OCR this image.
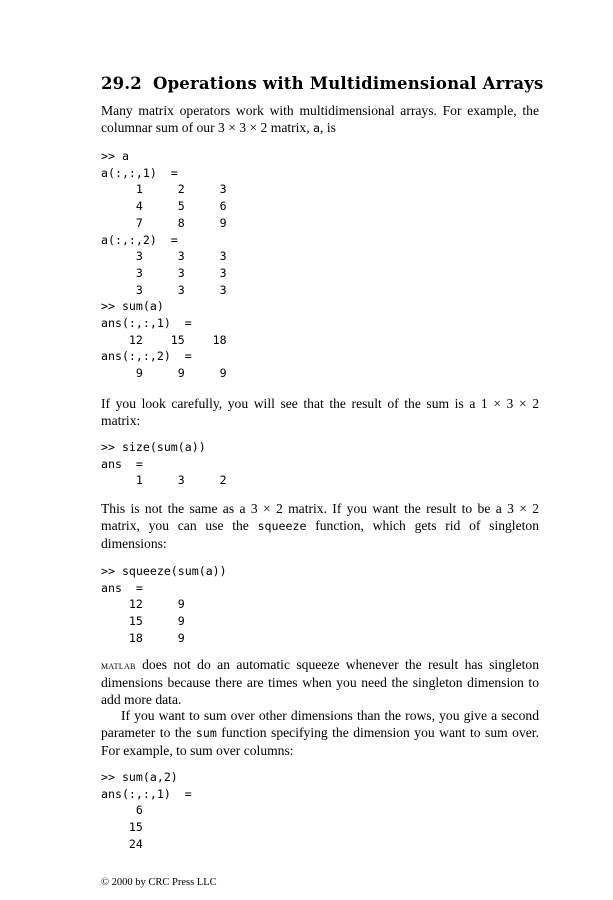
29.2 Operations with Multidimensional Arrays

Many matrix operators work with multidimensional arrays. For example, the columnar sum of our 3 × 3 × 2 matrix, a, is

>> a
a(:,:,1)  =
1     2     3
4     5     6
7     8     9
a(:,:,2)  =
3     3     3
3     3     3
3     3     3
>> sum(a)
ans(:,:,1)  =
12    15    18
ans(:,:,2)  =
9     9     9

If you look carefully, you will see that the result of the sum is a 1 × 3 × 2 matrix:

>> size(sum(a))
ans  =
1     3     2

This is not the same as a 3 × 2 matrix. If you want the result to be a 3 × 2 matrix, you can use the squeeze function, which gets rid of singleton dimensions:

>> squeeze(sum(a))
ans  =
12     9
15     9
18     9

matlab does not do an automatic squeeze whenever the result has singleton dimensions because there are times when you need the singleton dimension to add more data.

If you want to sum over other dimensions than the rows, you give a second parameter to the sum function specifying the dimension you want to sum over. For example, to sum over columns:

>> sum(a,2)
ans(:,:,1)  =
6
15
24

© 2000 by CRC Press LLC
